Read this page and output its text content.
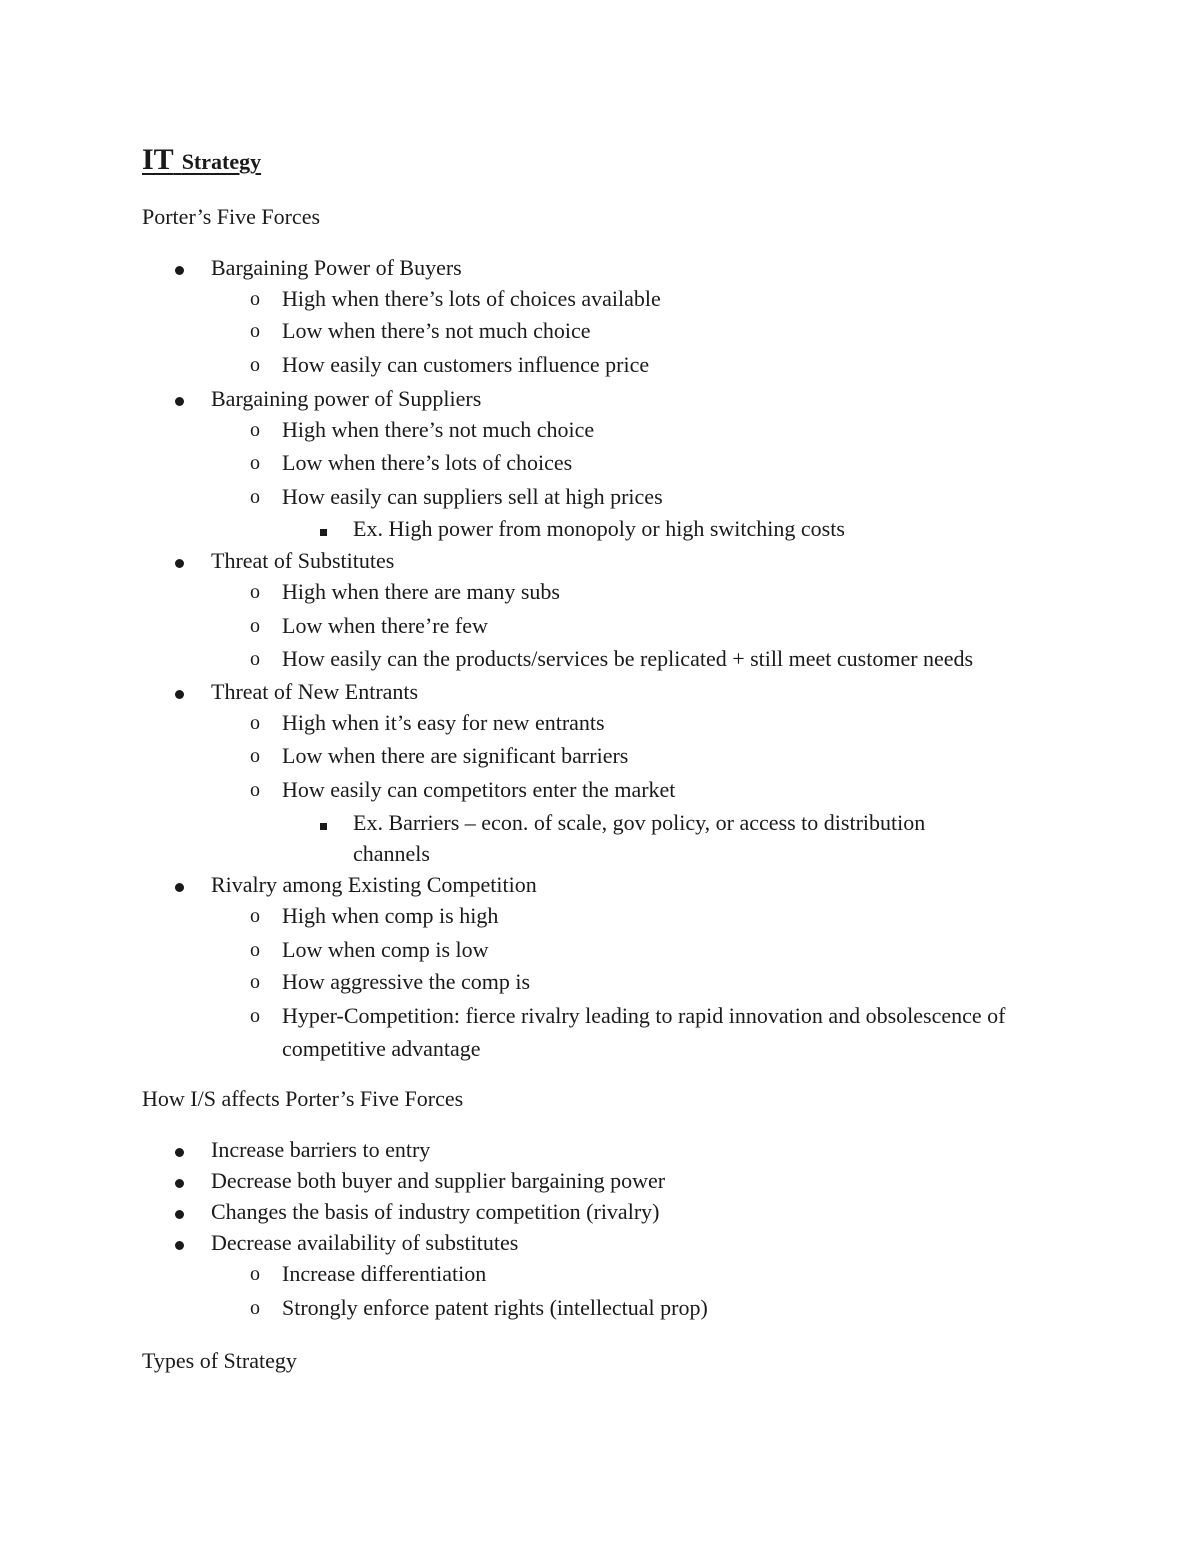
IT Strategy
Porter’s Five Forces
Bargaining Power of Buyers
o High when there’s lots of choices available
o Low when there’s not much choice
o How easily can customers influence price
Bargaining power of Suppliers
o High when there’s not much choice
o Low when there’s lots of choices
o How easily can suppliers sell at high prices
Ex. High power from monopoly or high switching costs
Threat of Substitutes
o High when there are many subs
o Low when there’re few
o How easily can the products/services be replicated + still meet customer needs
Threat of New Entrants
o High when it’s easy for new entrants
o Low when there are significant barriers
o How easily can competitors enter the market
Ex. Barriers – econ. of scale, gov policy, or access to distribution
channels
Rivalry among Existing Competition
o High when comp is high
o Low when comp is low
o How aggressive the comp is
o Hyper-Competition: fierce rivalry leading to rapid innovation and obsolescence of
competitive advantage
How I/S affects Porter’s Five Forces
Increase barriers to entry
Decrease both buyer and supplier bargaining power
Changes the basis of industry competition (rivalry)
Decrease availability of substitutes
o Increase differentiation
o Strongly enforce patent rights (intellectual prop)
Types of Strategy
